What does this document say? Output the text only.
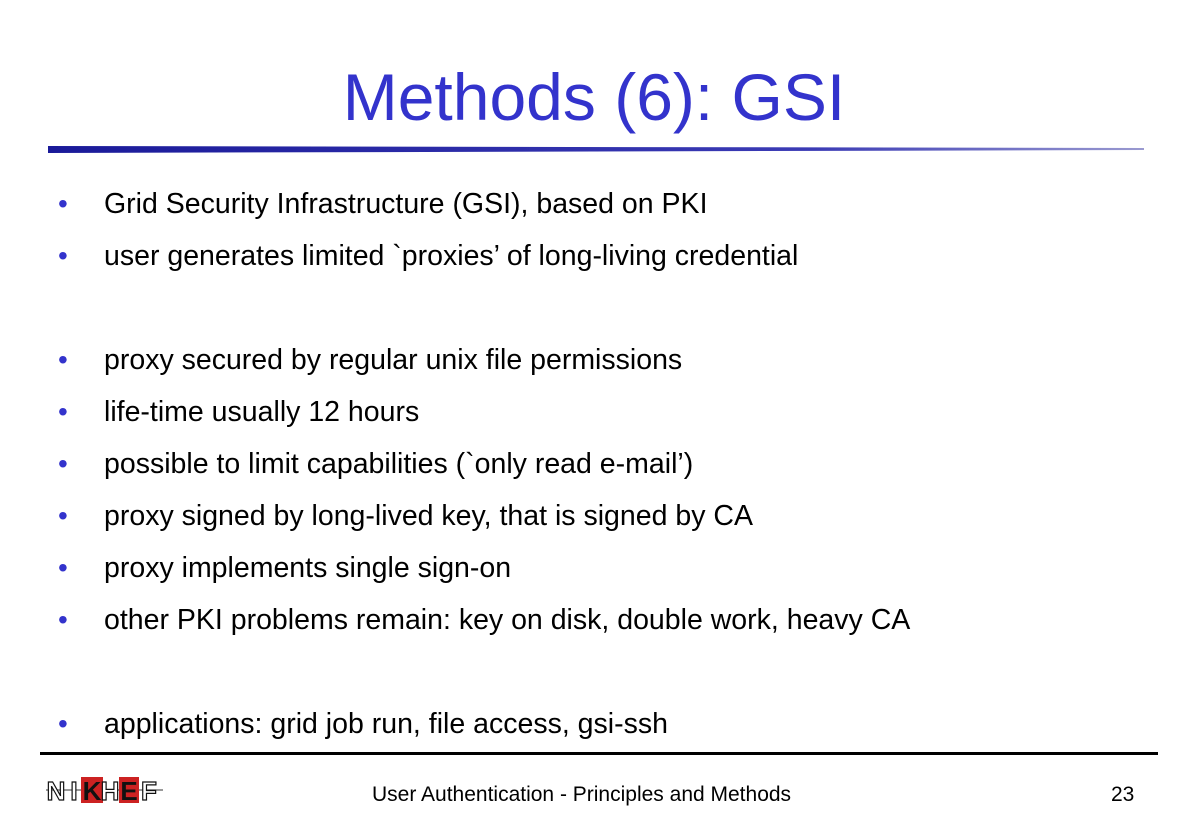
Methods (6): GSI
• Grid Security Infrastructure (GSI), based on PKI
• user generates limited `proxies’ of long-living credential
• proxy secured by regular unix file permissions
• life-time usually 12 hours
• possible to limit capabilities (`only read e-mail’)
• proxy signed by long-lived key, that is signed by CA
• proxy implements single sign-on
• other PKI problems remain: key on disk, double work, heavy CA
• applications: grid job run, file access, gsi-ssh
N I K H E F	User Authentication - Principles and Methods	23
